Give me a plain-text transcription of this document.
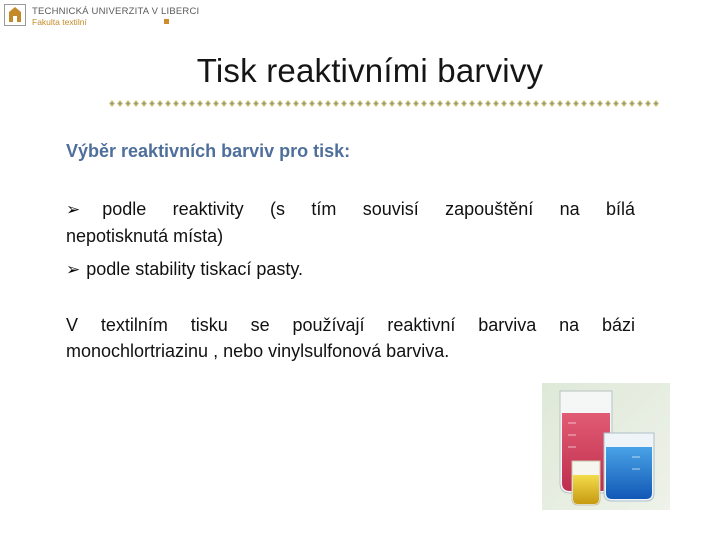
TECHNICKÁ UNIVERZITA V LIBERCI
Fakulta textilní
Tisk reaktivními barvivy
Výběr reaktivních barviv pro tisk:
➢ podle reaktivity (s tím souvisí zapouštění na bílá
nepotisknutá místa)
➢ podle stability tiskací pasty.
V textilním tisku se používají reaktivní barviva na bázi
monochlortriazinu , nebo vinylsulfonová barviva.
